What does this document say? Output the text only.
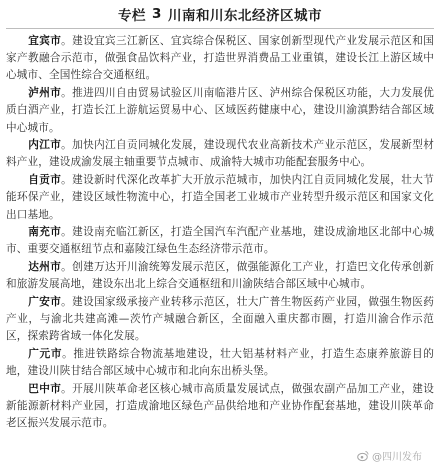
专栏 3 川南和川东北经济区城市

宜宾市。建设宜宾三江新区、宜宾综合保税区、国家创新型现代产业发展示范区和国家产教融合示范市，做强食品饮料产业，打造世界消费品工业重镇，建设长江上游区域中心城市、全国性综合交通枢纽。

泸州市。推进四川自由贸易试验区川南临港片区、泸州综合保税区功能，大力发展优质白酒产业，打造长江上游航运贸易中心、区域医药健康中心，建设川渝滇黔结合部区域中心城市。

内江市。加快内江自贡同城化发展，建设现代农业高新技术产业示范区，发展新型材料产业，建设成渝发展主轴重要节点城市、成渝特大城市功能配套服务中心。

自贡市。建设新时代深化改革扩大开放示范城市，加快内江自贡同城化发展，壮大节能环保产业，建设区域性物流中心，打造全国老工业城市产业转型升级示范区和国家文化出口基地。

南充市。建设南充临江新区，打造全国汽车汽配产业基地，建设成渝地区北部中心城市、重要交通枢纽节点和嘉陵江绿色生态经济带示范市。

达州市。创建万达开川渝统筹发展示范区，做强能源化工产业，打造巴文化传承创新和旅游发展高地，建设东出北上综合交通枢纽和川渝陕结合部区域中心城市。

广安市。建设国家级承接产业转移示范区，壮大广普生物医药产业园，做强生物医药产业，与渝北共建高滩—茨竹产城融合新区，全面融入重庆都市圈，打造川渝合作示范区，探索跨省域一体化发展。

广元市。推进铁路综合物流基地建设，壮大铝基材料产业，打造生态康养旅游目的地，建设川陕甘结合部区域中心城市和北向东出桥头堡。

巴中市。开展川陕革命老区核心城市高质量发展试点，做强农副产品加工产业，建设新能源新材料产业园，打造成渝地区绿色产品供给地和产业协作配套基地，建设川陕革命老区振兴发展示范市。

@四川发布
